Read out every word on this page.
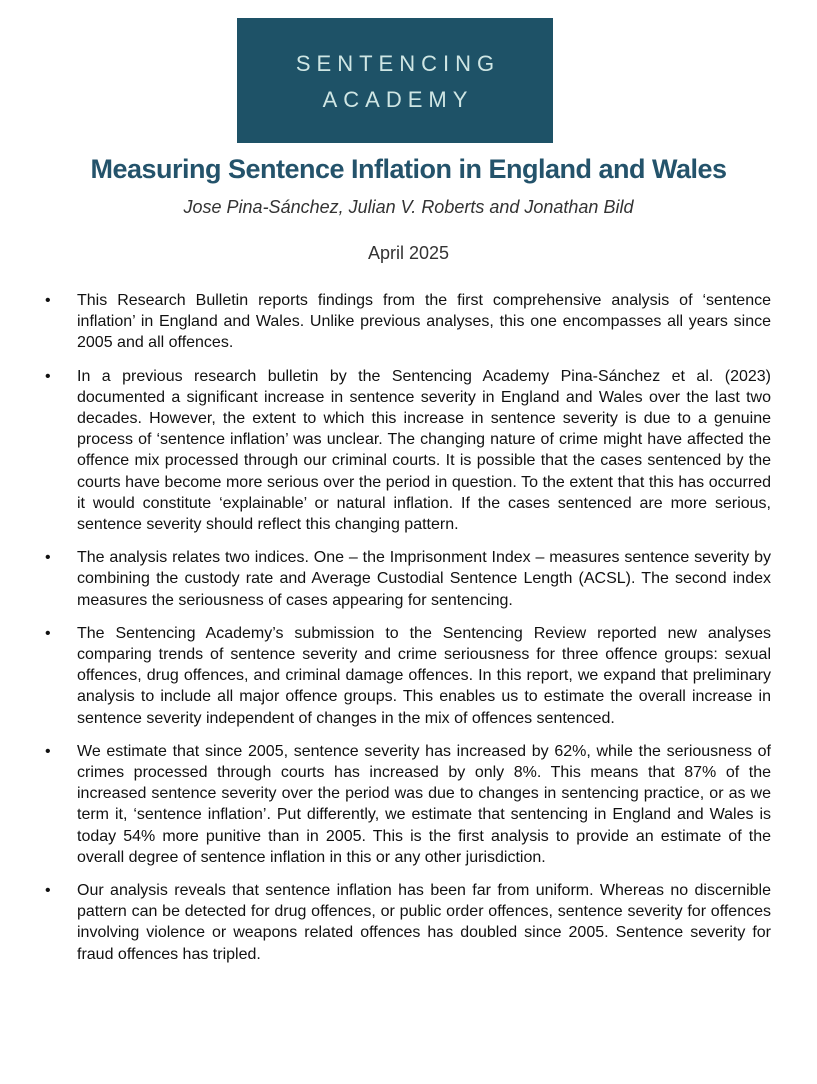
SENTENCING
ACADEMY
Measuring Sentence Inflation in England and Wales
Jose Pina-Sánchez, Julian V. Roberts and Jonathan Bild
April 2025
• This Research Bulletin reports findings from the first comprehensive analysis of ‘sentence inflation’ in England and Wales. Unlike previous analyses, this one encompasses all years since 2005 and all offences.
• In a previous research bulletin by the Sentencing Academy Pina-Sánchez et al. (2023) documented a significant increase in sentence severity in England and Wales over the last two decades. However, the extent to which this increase in sentence severity is due to a genuine process of ‘sentence inflation’ was unclear. The changing nature of crime might have affected the offence mix processed through our criminal courts. It is possible that the cases sentenced by the courts have become more serious over the period in question. To the extent that this has occurred it would constitute ‘explainable’ or natural inflation. If the cases sentenced are more serious, sentence severity should reflect this changing pattern.
• The analysis relates two indices. One – the Imprisonment Index – measures sentence severity by combining the custody rate and Average Custodial Sentence Length (ACSL). The second index measures the seriousness of cases appearing for sentencing.
• The Sentencing Academy’s submission to the Sentencing Review reported new analyses comparing trends of sentence severity and crime seriousness for three offence groups: sexual offences, drug offences, and criminal damage offences. In this report, we expand that preliminary analysis to include all major offence groups. This enables us to estimate the overall increase in sentence severity independent of changes in the mix of offences sentenced.
• We estimate that since 2005, sentence severity has increased by 62%, while the seriousness of crimes processed through courts has increased by only 8%. This means that 87% of the increased sentence severity over the period was due to changes in sentencing practice, or as we term it, ‘sentence inflation’. Put differently, we estimate that sentencing in England and Wales is today 54% more punitive than in 2005. This is the first analysis to provide an estimate of the overall degree of sentence inflation in this or any other jurisdiction.
• Our analysis reveals that sentence inflation has been far from uniform. Whereas no discernible pattern can be detected for drug offences, or public order offences, sentence severity for offences involving violence or weapons related offences has doubled since 2005. Sentence severity for fraud offences has tripled.
